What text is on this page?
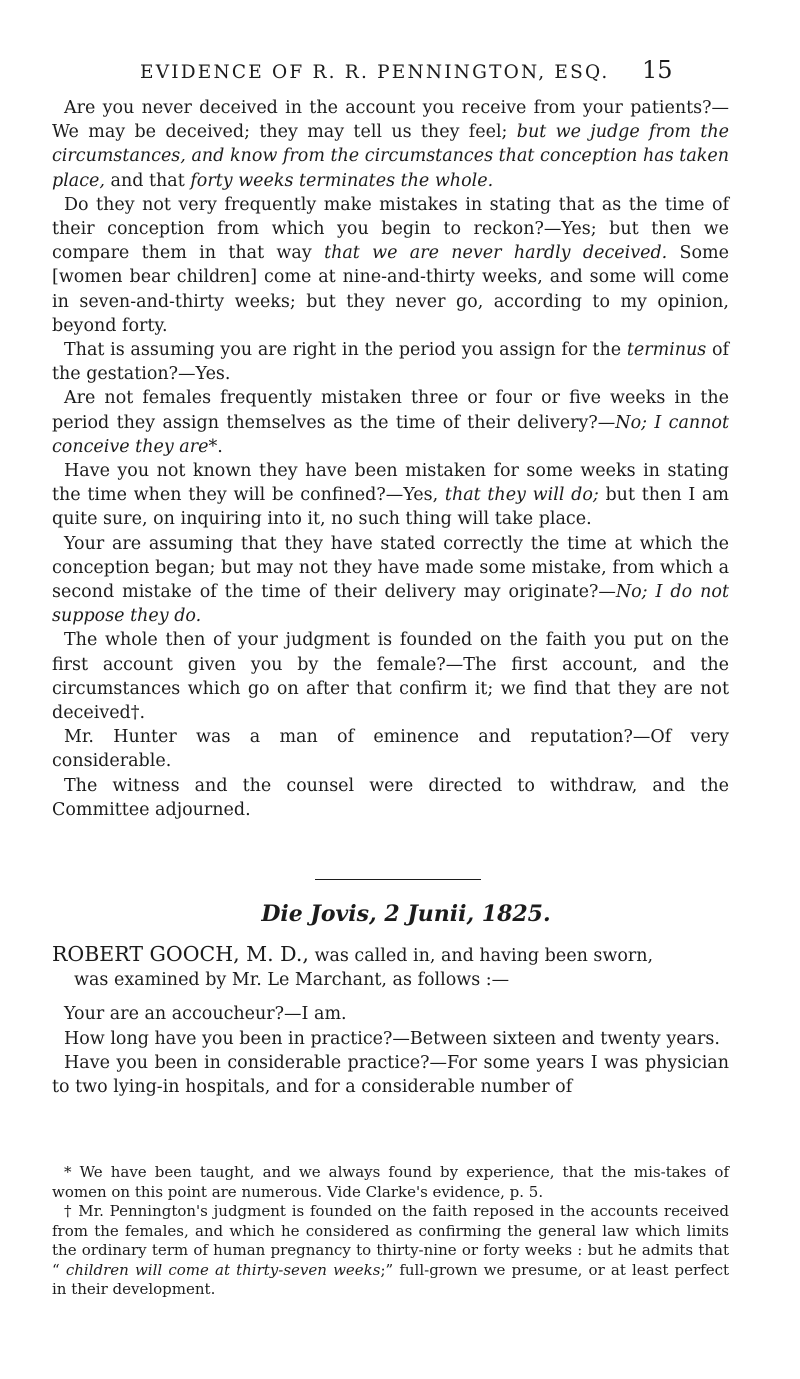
EVIDENCE OF R. R. PENNINGTON, ESQ. 15

Are you never deceived in the account you receive from your patients?—We may be deceived; they may tell us they feel; but we judge from the circumstances, and know from the circumstances that conception has taken place, and that forty weeks terminates the whole.

Do they not very frequently make mistakes in stating that as the time of their conception from which you begin to reckon?—Yes; but then we compare them in that way that we are never hardly deceived. Some [women bear children] come at nine-and-thirty weeks, and some will come in seven-and-thirty weeks; but they never go, according to my opinion, beyond forty.

That is assuming you are right in the period you assign for the terminus of the gestation?—Yes.

Are not females frequently mistaken three or four or five weeks in the period they assign themselves as the time of their delivery?—No; I cannot conceive they are*.

Have you not known they have been mistaken for some weeks in stating the time when they will be confined?—Yes, that they will do; but then I am quite sure, on inquiring into it, no such thing will take place.

Your are assuming that they have stated correctly the time at which the conception began; but may not they have made some mistake, from which a second mistake of the time of their delivery may originate?—No; I do not suppose they do.

The whole then of your judgment is founded on the faith you put on the first account given you by the female?—The first account, and the circumstances which go on after that confirm it; we find that they are not deceived†.

Mr. Hunter was a man of eminence and reputation?—Of very considerable.

The witness and the counsel were directed to withdraw, and the Committee adjourned.

Die Jovis, 2 Junii, 1825.

ROBERT GOOCH, M. D., was called in, and having been sworn,
was examined by Mr. Le Marchant, as follows :—

Your are an accoucheur?—I am.

How long have you been in practice?—Between sixteen and twenty years.

Have you been in considerable practice?—For some years I was physician to two lying-in hospitals, and for a considerable number of

* We have been taught, and we always found by experience, that the mis-takes of women on this point are numerous. Vide Clarke's evidence, p. 5.

† Mr. Pennington's judgment is founded on the faith reposed in the accounts received from the females, and which he considered as confirming the general law which limits the ordinary term of human pregnancy to thirty-nine or forty weeks : but he admits that “ children will come at thirty-seven weeks;” full-grown we presume, or at least perfect in their development.
